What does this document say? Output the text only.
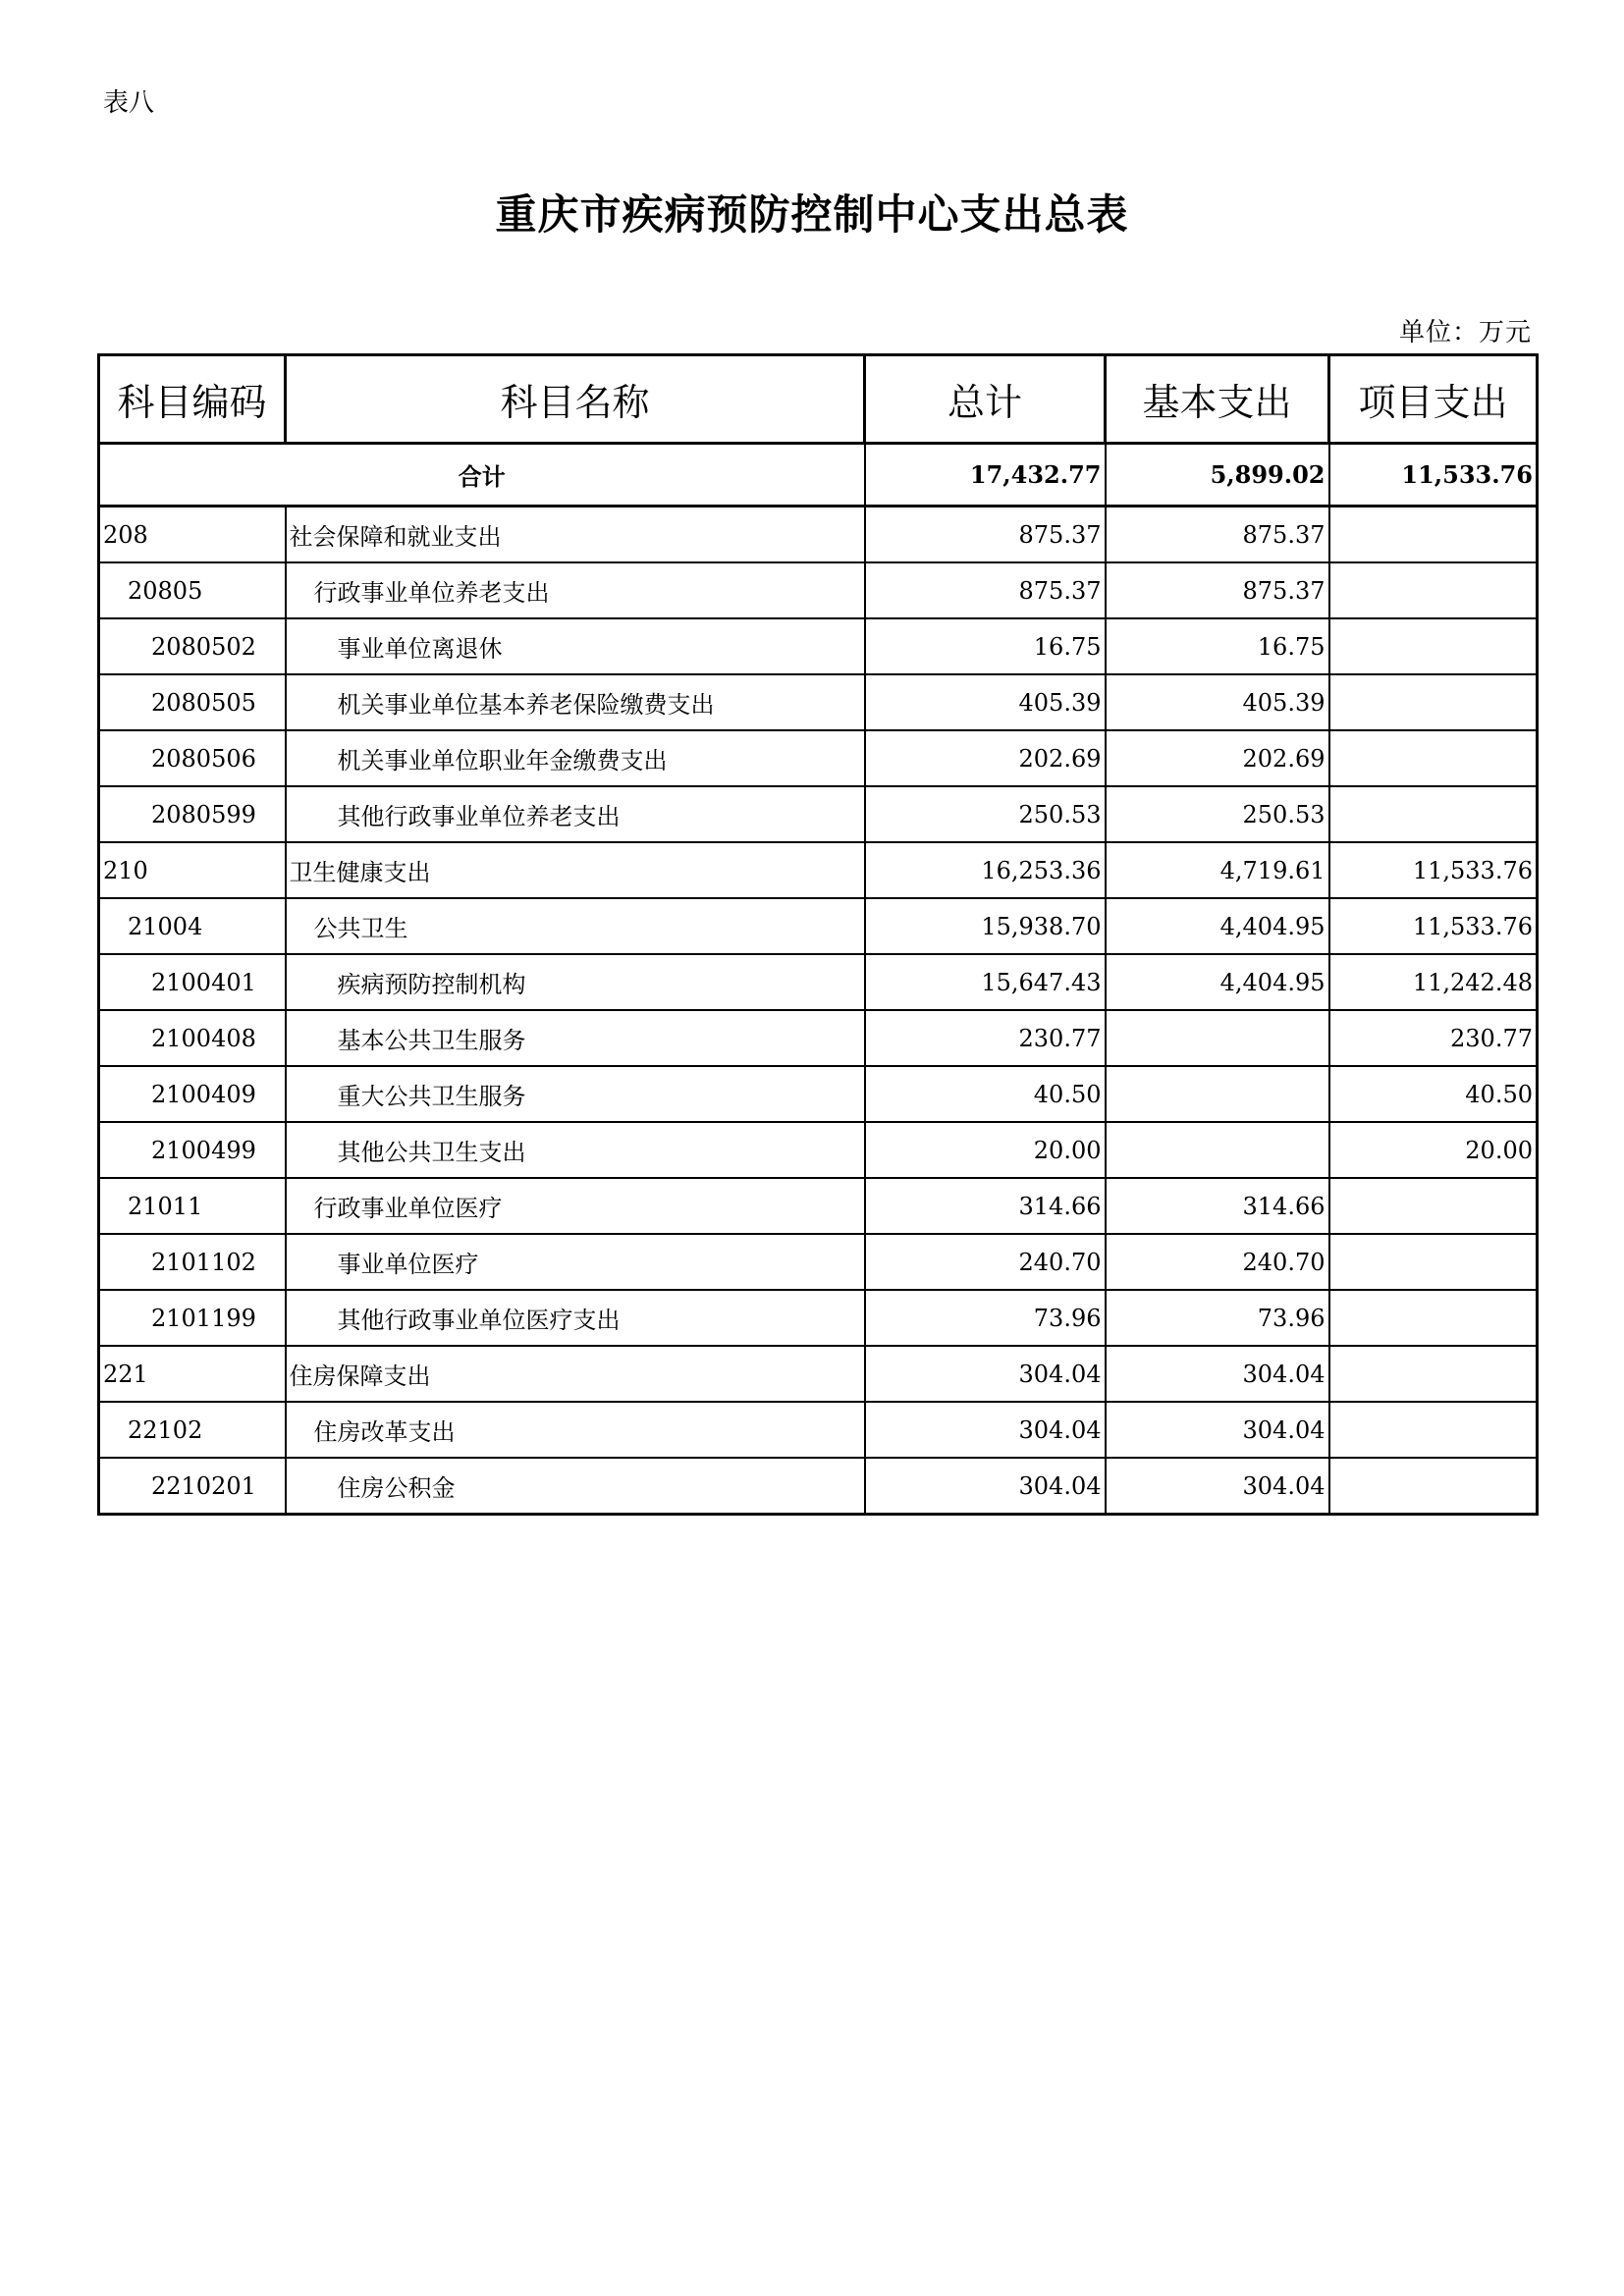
表八
重庆市疾病预防控制中心支出总表
单位：万元
科目编码	科目名称	总计	基本支出	项目支出
合计		17,432.77	5,899.02	11,533.76
208	社会保障和就业支出	875.37	875.37	
20805	行政事业单位养老支出	875.37	875.37	
2080502	事业单位离退休	16.75	16.75	
2080505	机关事业单位基本养老保险缴费支出	405.39	405.39	
2080506	机关事业单位职业年金缴费支出	202.69	202.69	
2080599	其他行政事业单位养老支出	250.53	250.53	
210	卫生健康支出	16,253.36	4,719.61	11,533.76
21004	公共卫生	15,938.70	4,404.95	11,533.76
2100401	疾病预防控制机构	15,647.43	4,404.95	11,242.48
2100408	基本公共卫生服务	230.77		230.77
2100409	重大公共卫生服务	40.50		40.50
2100499	其他公共卫生支出	20.00		20.00
21011	行政事业单位医疗	314.66	314.66	
2101102	事业单位医疗	240.70	240.70	
2101199	其他行政事业单位医疗支出	73.96	73.96	
221	住房保障支出	304.04	304.04	
22102	住房改革支出	304.04	304.04	
2210201	住房公积金	304.04	304.04	
